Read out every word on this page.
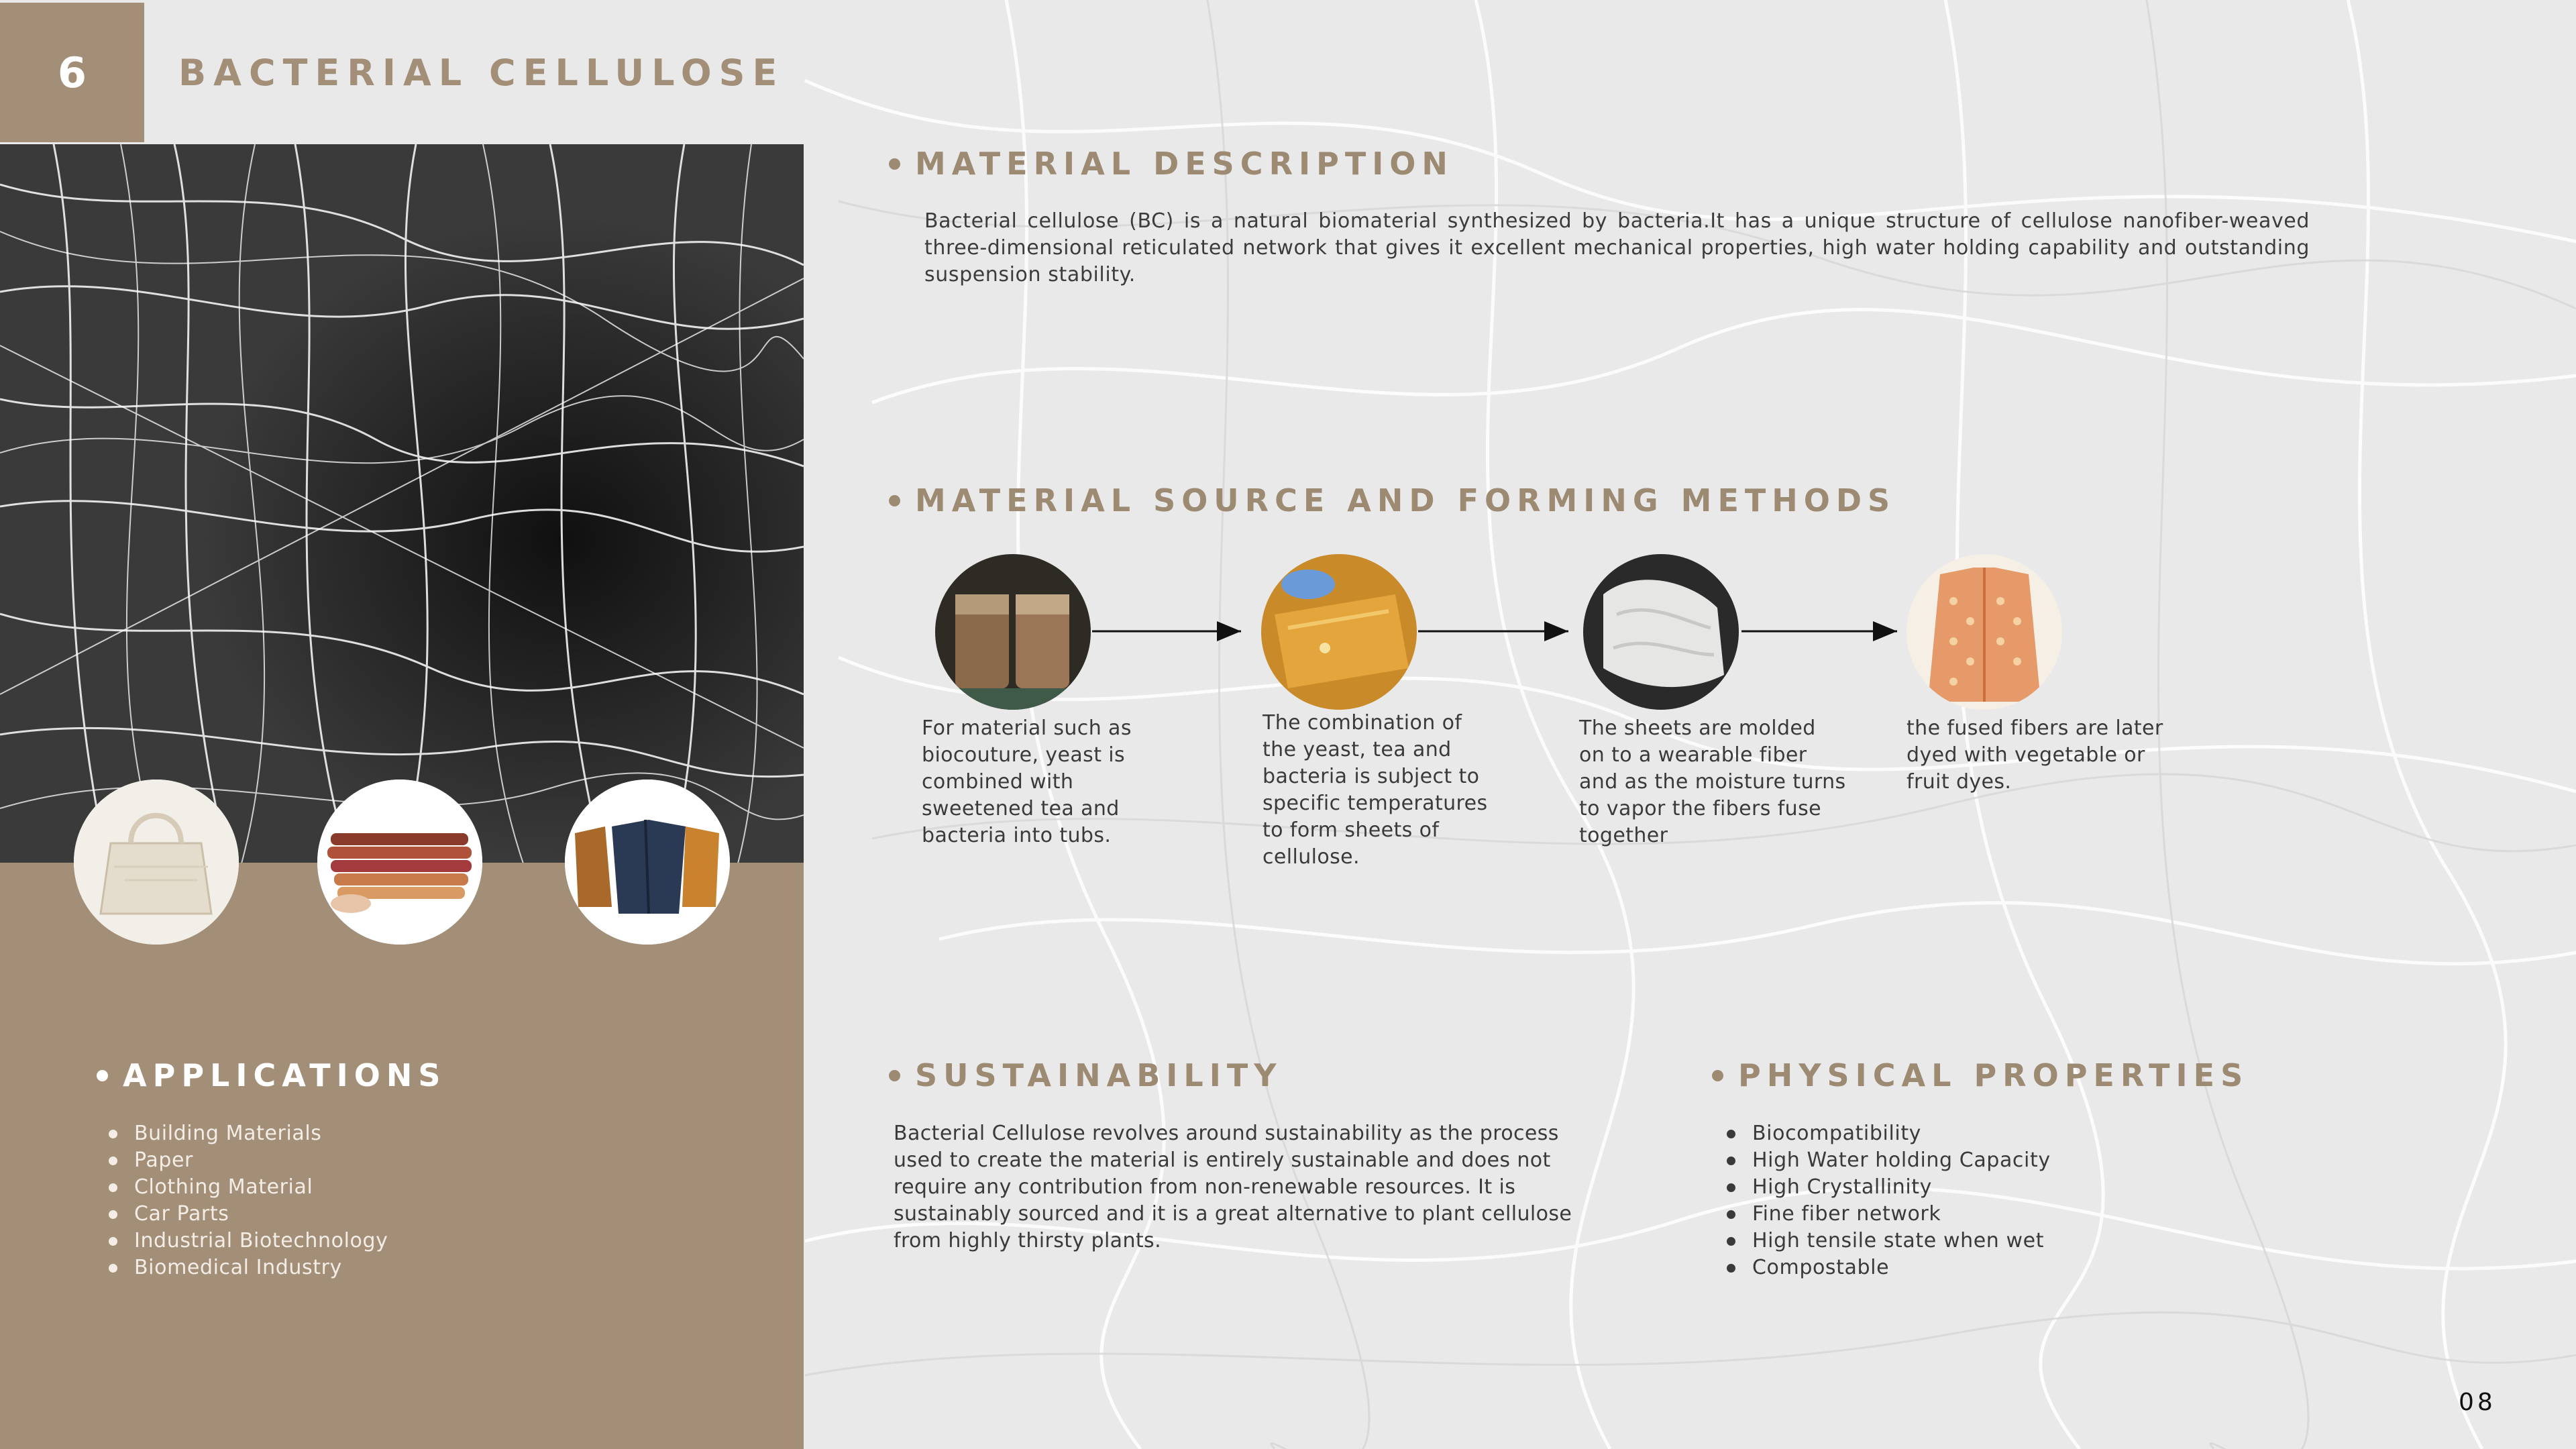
6	BACTERIAL CELLULOSE
MATERIAL DESCRIPTION
Bacterial cellulose (BC) is a natural biomaterial synthesized by bacteria.It has a unique structure of cellulose nanofiber-weaved three-dimensional reticulated network that gives it excellent mechanical properties, high water holding capability and outstanding suspension stability.
MATERIAL SOURCE AND FORMING METHODS
For material such as
biocouture, yeast is
combined with
sweetened tea and
bacteria into tubs.
The combination of
the yeast, tea and
bacteria is subject to
specific temperatures
to form sheets of
cellulose.
The sheets are molded
on to a wearable fiber
and as the moisture turns
to vapor the fibers fuse
together
the fused fibers are later
dyed with vegetable or
fruit dyes.
APPLICATIONS
Building Materials
Paper
Clothing Material
Car Parts
Industrial Biotechnology
Biomedical Industry
SUSTAINABILITY
Bacterial Cellulose revolves around sustainability as the process
used to create the material is entirely sustainable and does not
require any contribution from non-renewable resources. It is
sustainably sourced and it is a great alternative to plant cellulose
from highly thirsty plants.
PHYSICAL PROPERTIES
Biocompatibility
High Water holding Capacity
High Crystallinity
Fine fiber network
High tensile state when wet
Compostable
08
